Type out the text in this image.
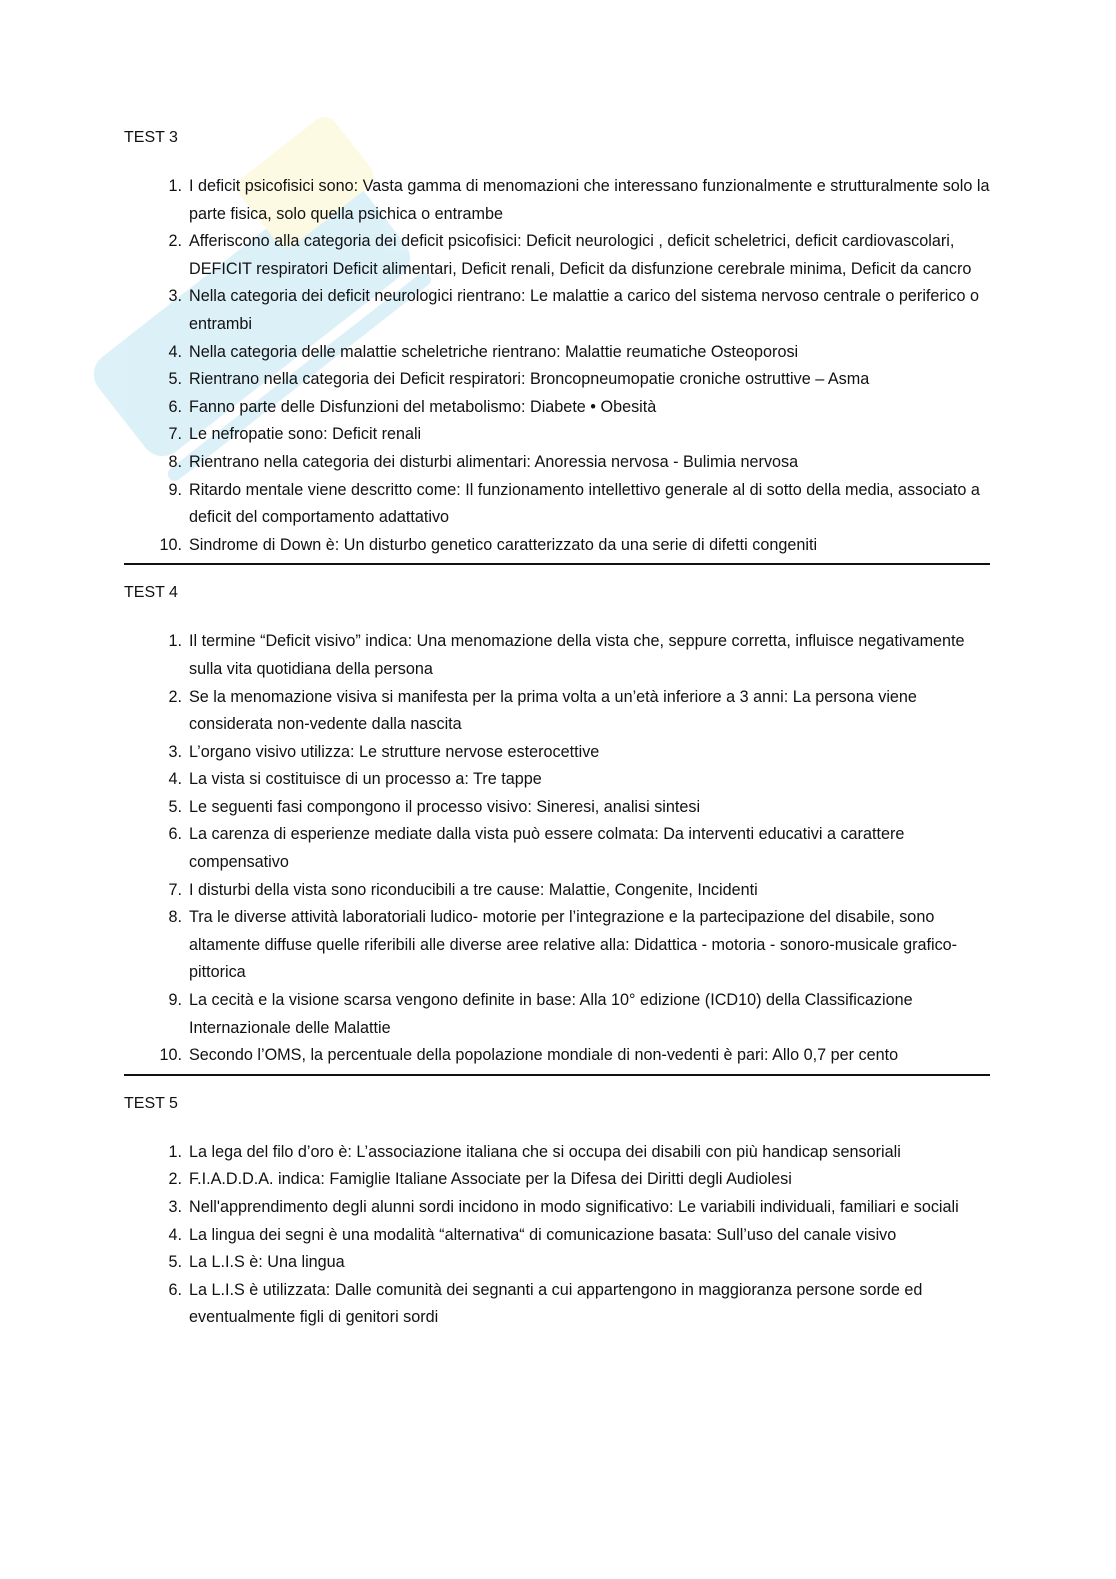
TEST 3
1. I deficit psicofisici sono: Vasta gamma di menomazioni che interessano funzionalmente e strutturalmente solo la parte fisica, solo quella psichica o entrambe
2. Afferiscono alla categoria dei deficit psicofisici: Deficit neurologici , deficit scheletrici, deficit cardiovascolari, DEFICIT respiratori Deficit alimentari, Deficit renali, Deficit da disfunzione cerebrale minima, Deficit da cancro
3. Nella categoria dei deficit neurologici rientrano: Le malattie a carico del sistema nervoso centrale o periferico o entrambi
4. Nella categoria delle malattie scheletriche rientrano: Malattie reumatiche Osteoporosi
5. Rientrano nella categoria dei Deficit respiratori: Broncopneumopatie croniche ostruttive – Asma
6. Fanno parte delle Disfunzioni del metabolismo: Diabete • Obesità
7. Le nefropatie sono: Deficit renali
8. Rientrano nella categoria dei disturbi alimentari: Anoressia nervosa - Bulimia nervosa
9. Ritardo mentale viene descritto come: Il funzionamento intellettivo generale al di sotto della media, associato a deficit del comportamento adattativo
10. Sindrome di Down è: Un disturbo genetico caratterizzato da una serie di difetti congeniti
TEST 4
1. Il termine “Deficit visivo” indica: Una menomazione della vista che, seppure corretta, influisce negativamente sulla vita quotidiana della persona
2. Se la menomazione visiva si manifesta per la prima volta a un’età inferiore a 3 anni: La persona viene considerata non-vedente dalla nascita
3. L’organo visivo utilizza: Le strutture nervose esterocettive
4. La vista si costituisce di un processo a: Tre tappe
5. Le seguenti fasi compongono il processo visivo: Sineresi, analisi sintesi
6. La carenza di esperienze mediate dalla vista può essere colmata: Da interventi educativi a carattere compensativo
7. I disturbi della vista sono riconducibili a tre cause: Malattie, Congenite, Incidenti
8. Tra le diverse attività laboratoriali ludico- motorie per l’integrazione e la partecipazione del disabile, sono altamente diffuse quelle riferibili alle diverse aree relative alla: Didattica - motoria - sonoro-musicale grafico-pittorica
9. La cecità e la visione scarsa vengono definite in base: Alla 10° edizione (ICD10) della Classificazione Internazionale delle Malattie
10. Secondo l’OMS, la percentuale della popolazione mondiale di non-vedenti è pari: Allo 0,7 per cento
TEST 5
1. La lega del filo d’oro è: L’associazione italiana che si occupa dei disabili con più handicap sensoriali
2. F.I.A.D.D.A. indica: Famiglie Italiane Associate per la Difesa dei Diritti degli Audiolesi
3. Nell'apprendimento degli alunni sordi incidono in modo significativo: Le variabili individuali, familiari e sociali
4. La lingua dei segni è una modalità “alternativa“ di comunicazione basata: Sull’uso del canale visivo
5. La L.I.S è: Una lingua
6. La L.I.S è utilizzata: Dalle comunità dei segnanti a cui appartengono in maggioranza persone sorde ed eventualmente figli di genitori sordi
